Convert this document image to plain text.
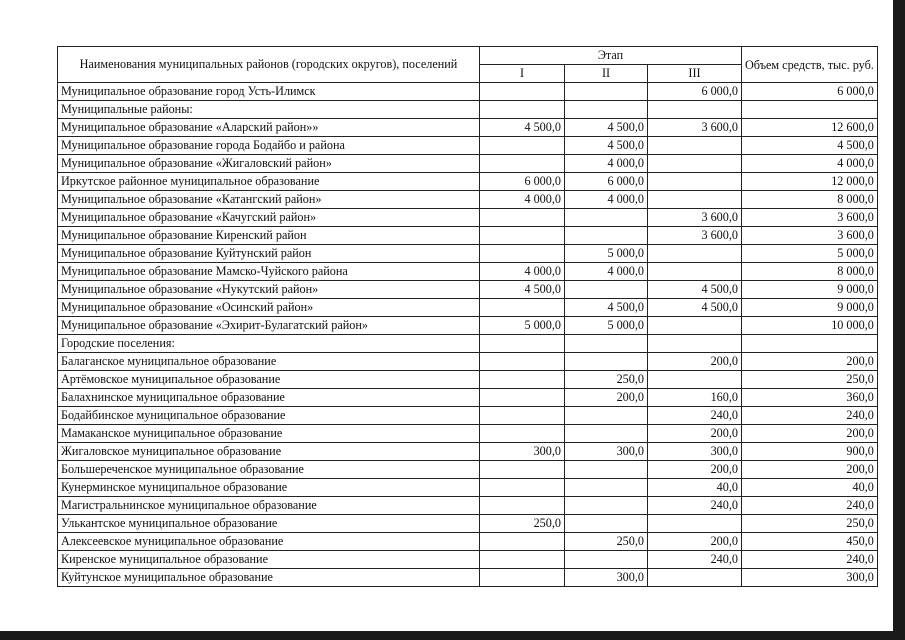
Наименования муниципальных районов (городских округов), поселений	Этап			Объем средств, тыс. руб.
	I	II	III	
Муниципальное образование город Усть-Илимск			6 000,0	6 000,0
Муниципальные районы:				
Муниципальное образование «Аларский район»»	4 500,0	4 500,0	3 600,0	12 600,0
Муниципальное образование города Бодайбо и района		4 500,0		4 500,0
Муниципальное образование «Жигаловский район»		4 000,0		4 000,0
Иркутское районное муниципальное образование	6 000,0	6 000,0		12 000,0
Муниципальное образование «Катангский район»	4 000,0	4 000,0		8 000,0
Муниципальное образование «Качугский район»			3 600,0	3 600,0
Муниципальное образование Киренский район			3 600,0	3 600,0
Муниципальное образование Куйтунский район		5 000,0		5 000,0
Муниципальное образование Мамско-Чуйского района	4 000,0	4 000,0		8 000,0
Муниципальное образование «Нукутский район»	4 500,0		4 500,0	9 000,0
Муниципальное образование «Осинский район»		4 500,0	4 500,0	9 000,0
Муниципальное образование «Эхирит-Булагатский район»	5 000,0	5 000,0		10 000,0
Городские поселения:				
Балаганское муниципальное образование			200,0	200,0
Артёмовское муниципальное образование		250,0		250,0
Балахнинское муниципальное образование		200,0	160,0	360,0
Бодайбинское муниципальное образование			240,0	240,0
Мамаканское муниципальное образование			200,0	200,0
Жигаловское муниципальное образование	300,0	300,0	300,0	900,0
Большереченское муниципальное образование			200,0	200,0
Кунерминское муниципальное образование			40,0	40,0
Магистральнинское муниципальное образование			240,0	240,0
Улькантское муниципальное образование	250,0			250,0
Алексеевское муниципальное образование		250,0	200,0	450,0
Киренское муниципальное образование			240,0	240,0
Куйтунское муниципальное образование		300,0		300,0
